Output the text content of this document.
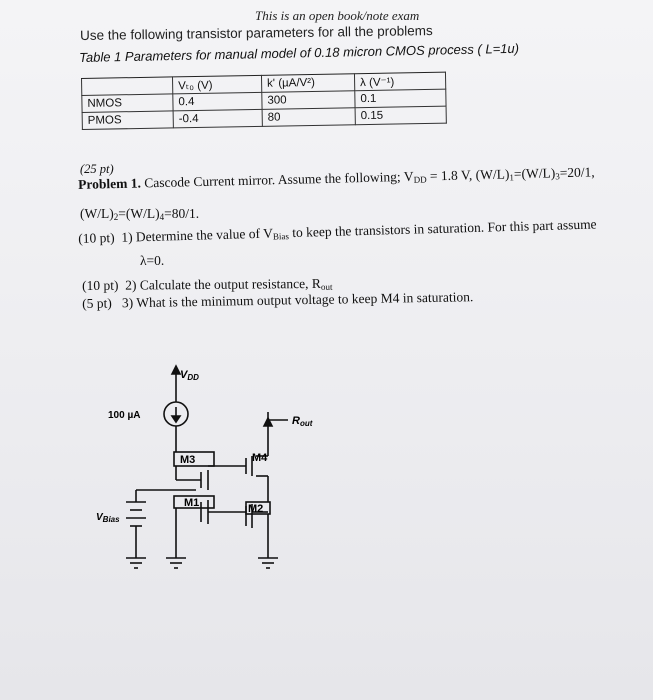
This is an open book/note exam
Use the following transistor parameters for all the problems
Table 1 Parameters for manual model of 0.18 micron CMOS process ( L=1u)
	Vₜ₀ (V)	k' (µA/V²)	λ (V⁻¹)
NMOS	0.4	300	0.1
PMOS	-0.4	80	0.15
(25 pt)
Problem 1. Cascode Current mirror. Assume the following; $V_{DD} = 1.8$ V, $(W/L)_1=(W/L)_3=20/1$,
$(W/L)_2=(W/L)_4=80/1$.
(10 pt) 1) Determine the value of $V_{Bias}$ to keep the transistors in saturation. For this part assume
λ=0.
(10 pt) 2) Calculate the output resistance, $R_{out}$
(5 pt) 3) What is the minimum output voltage to keep M4 in saturation.
VDD
100 µA	Rout
M3	M4
M1	M2
$V_{Bias}$
